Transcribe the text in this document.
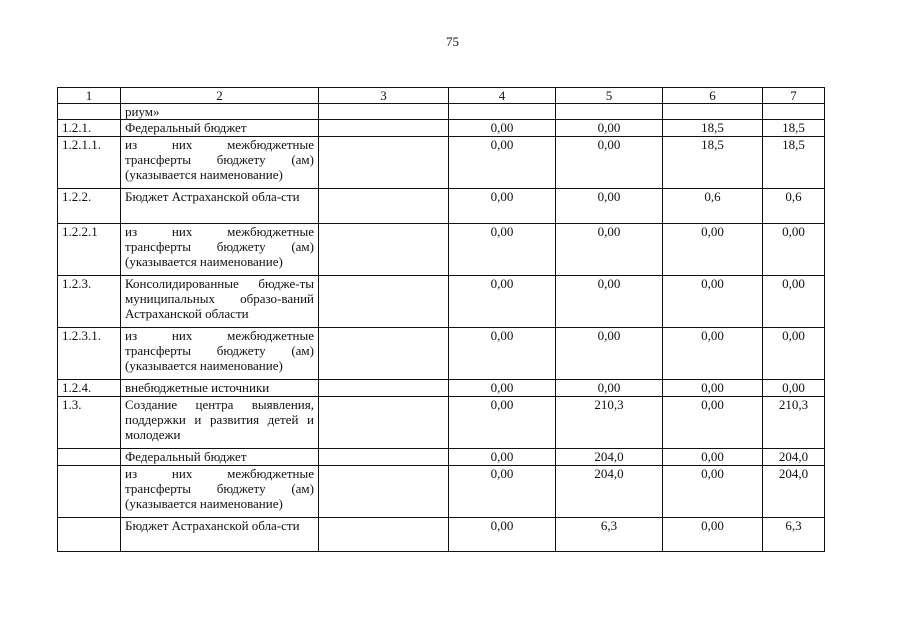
75
1	2	3	4	5	6	7
	риум»					
1.2.1.	Федеральный бюджет		0,00	0,00	18,5	18,5
1.2.1.1.	из них межбюджетные трансферты бюджету (ам) (указывается наименование)		0,00	0,00	18,5	18,5
1.2.2.	Бюджет Астраханской обла-сти		0,00	0,00	0,6	0,6
1.2.2.1	из них межбюджетные трансферты бюджету (ам) (указывается наименование)		0,00	0,00	0,00	0,00
1.2.3.	Консолидированные бюдже-ты муниципальных образо-ваний Астраханской области		0,00	0,00	0,00	0,00
1.2.3.1.	из них межбюджетные трансферты бюджету (ам) (указывается наименование)		0,00	0,00	0,00	0,00
1.2.4.	внебюджетные источники		0,00	0,00	0,00	0,00
1.3.	Создание центра выявления, поддержки и развития детей и молодежи		0,00	210,3	0,00	210,3
	Федеральный бюджет		0,00	204,0	0,00	204,0
	из них межбюджетные трансферты бюджету (ам) (указывается наименование)		0,00	204,0	0,00	204,0
	Бюджет Астраханской обла-сти		0,00	6,3	0,00	6,3
